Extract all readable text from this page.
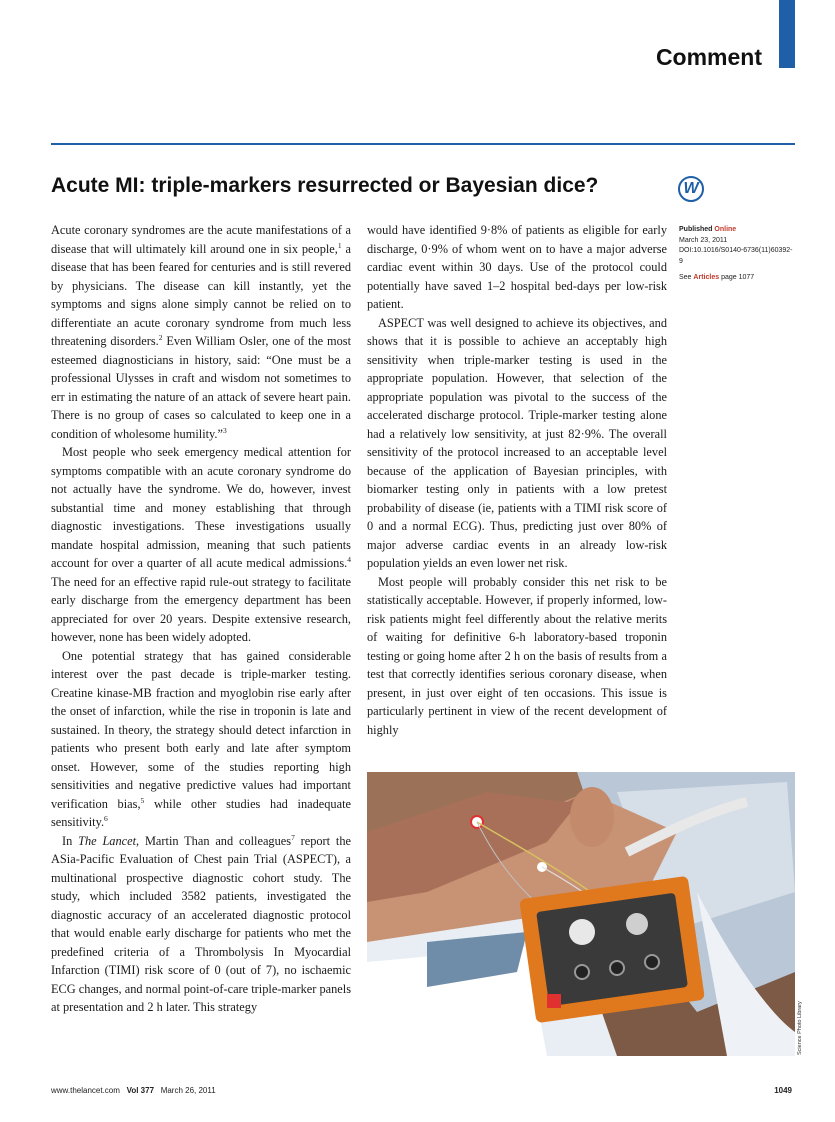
Comment
Acute MI: triple-markers resurrected or Bayesian dice?	W

Acute coronary syndromes are the acute manifestations of a disease that will ultimately kill around one in six people,$^1$ a disease that has been feared for centuries and is still revered by physicians. The disease can kill instantly, yet the symptoms and signs alone simply cannot be relied on to differentiate an acute coronary syndrome from much less threatening disorders.$^2$ Even William Osler, one of the most esteemed diagnosticians in history, said: “One must be a professional Ulysses in craft and wisdom not sometimes to err in estimating the nature of an attack of severe heart pain. There is no group of cases so calculated to keep one in a condition of wholesome humility.”$^3$

Most people who seek emergency medical attention for symptoms compatible with an acute coronary syndrome do not actually have the syndrome. We do, however, invest substantial time and money establishing that through diagnostic investigations. These investigations usually mandate hospital admission, meaning that such patients account for over a quarter of all acute medical admissions.$^4$ The need for an effective rapid rule-out strategy to facilitate early discharge from the emergency department has been appreciated for over 20 years. Despite extensive research, however, none has been widely adopted.

One potential strategy that has gained considerable interest over the past decade is triple-marker testing. Creatine kinase-MB fraction and myoglobin rise early after the onset of infarction, while the rise in troponin is late and sustained. In theory, the strategy should detect infarction in patients who present both early and late after symptom onset. However, some of the studies reporting high sensitivities and negative predictive values had important verification bias,$^5$ while other studies had inadequate sensitivity.$^6$

In The Lancet, Martin Than and colleagues$^7$ report the ASia-Pacific Evaluation of Chest pain Trial (ASPECT), a multinational prospective diagnostic cohort study. The study, which included 3582 patients, investigated the diagnostic accuracy of an accelerated diagnostic protocol that would enable early discharge for patients who met the predefined criteria of a Thrombolysis In Myocardial Infarction (TIMI) risk score of 0 (out of 7), no ischaemic ECG changes, and normal point-of-care triple-marker panels at presentation and 2 h later. This strategy

would have identified 9·8% of patients as eligible for early discharge, 0·9% of whom went on to have a major adverse cardiac event within 30 days. Use of the protocol could potentially have saved 1–2 hospital bed-days per low-risk patient.

ASPECT was well designed to achieve its objectives, and shows that it is possible to achieve an acceptably high sensitivity when triple-marker testing is used in the appropriate population. However, that selection of the appropriate population was pivotal to the success of the accelerated discharge protocol. Triple-marker testing alone had a relatively low sensitivity, at just 82·9%. The overall sensitivity of the protocol increased to an acceptable level because of the application of Bayesian principles, with biomarker testing only in patients with a low pretest probability of disease (ie, patients with a TIMI risk score of 0 and a normal ECG). Thus, predicting just over 80% of major adverse cardiac events in an already low-risk population yields an even lower net risk.

Most people will probably consider this net risk to be statistically acceptable. However, if properly informed, low-risk patients might feel differently about the relative merits of waiting for definitive 6-h laboratory-based troponin testing or going home after 2 h on the basis of results from a test that correctly identifies serious coronary disease, when present, in just over eight of ten occasions. This issue is particularly pertinent in view of the recent development of highly

Published Online
March 23, 2011
DOI:10.1016/S0140-6736(11)60392-9
See Articles page 1077
Science Photo Library
www.thelancet.com Vol 377 March 26, 2011	1049
